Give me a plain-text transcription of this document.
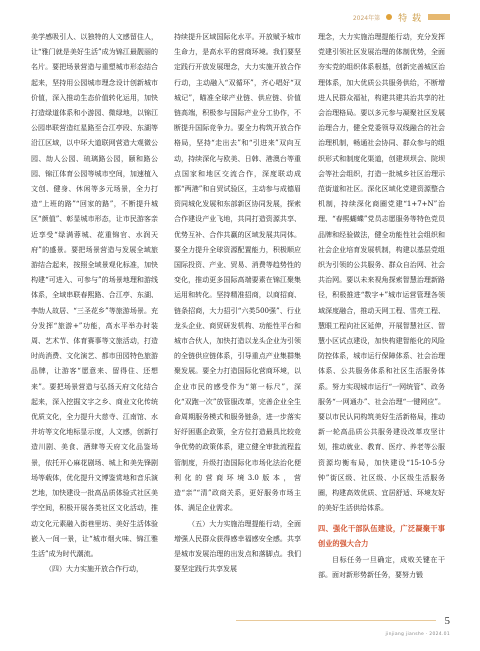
2024年第 特 载

美学感吸引人、以独特的人文感留住人，让“雅门就是美好生活”成为锦江最靓丽的名片。要把场景营造与重塑城市形态结合起来，坚持用公园城市理念设计创新城市价值，深入推动生态价值转化运用，加快打造绿道体系和小游园、微绿地，以锦江公园串联营造红星路至合江亭段、东湖等沿江区域，以中环大道联网营造大观微公园、劼人公园、琉璃路公园，颐和路公园、锦江体育公园等城市空间，加速植入文创、健身、休闲等多元场景，全力打造“上班的路”“回家的路”，不断提升城区“颜值”、彰显城市形态，让市民游客亲近享受“绿满蓉城、花重锦官、水润天府”的盛景。要把场景营造与发展全域旅游结合起来，按照全域景观化标准，加快构建“可进入、可参与”的场景地理和游线体系，全域串联春熙路、合江亭、东湖、李劼人故居、“三圣花乡”等旅游场景。充分发挥“旅游+”功能，高水平举办时装周、艺术节、体育赛事等文旅活动，打造时尚消费、文化演艺、都市田园特色旅游品牌，让游客“愿意来、留得住、还想来”。要把场景营造与弘扬天府文化结合起来，深入挖掘文字之乡、商业文化传统优质文化，全力提升大慈寺、江南馆、水井坊等文化地标显示度，人文感，创新打造川剧、美食、酒肆等天府文化品鉴场景，依托开心麻花剧场、城上和美先锋剧场等载体，优化提升文博鉴赏地和音乐演艺地，加快建设一批高品质体验式社区美学空间，积极开展各类社区文化活动，推动文化元素融入街巷里坊、美好生活体验嵌入一间一景，让“城市烟火味、锦江雅生活”成为时代潮流。

（四）大力实施开放合作行动，

持续提升区域国际化水平。开放赋予城市生命力，是高水平的营商环境。我们要坚定践行开放发展理念，大力实施开放合作行动，主动融入“双循环”，齐心唱好“双城记”，瞄准全球产业链、供应链、价值链高端，积极参与国际产业分工协作，不断提升国际竞争力。要全力构筑开放合作格局，坚持“走出去”和“引进来”双向互动，持续深化与欧美、日韩、港澳台等重点国家和地区交流合作，深度联动成都“两港”和自贸试验区，主动参与成德眉资同城化发展和东部新区协同发展，探索合作建设产业飞地，共同打造资源共享、优势互补、合作共赢的区域发展共同体。要全力提升全球资源配置能力，积极顺应国际投资、产业、贸易、消费等趋势性的变化，推动更多国际高端要素在锦江聚集运用和转化。坚持精准招商，以商招商、链条招商，大力招引“六类500强”、行业龙头企业、商贸研发机构、功能性平台和城市合伙人，加快打造以龙头企业为引领的全链供应链体系，引导重点产业集群集聚发展。要全力打造国际化营商环境，以企业市民的感受作为“第一标尺”，深化“双跑一次”放管服改革，完善企业全生命周期服务模式和服务链条，进一步落实好纾困惠企政策，全方位打造最具比较竞争优势的政策体系，建立健全审批流程监管制度，升级打造国际化市场化法治化便利化的营商环境3.0版本，营造“亲”“清”政商关系，更好服务市场主体、满足企业需求。

（五）大力实施治理提能行动，全面增强人民群众获得感幸福感安全感。共享是城市发展治理的出发点和落脚点。我们要坚定践行共享发展

理念，大力实施治理提能行动，充分发挥党建引领社区发展治理的体制优势，全面夯实党的组织体系根基，创新完善城区治理体系，加大优质公共服务供给，不断增进人民群众福祉，构建共建共治共享的社会治理格局。要以多元参与凝聚社区发展治理合力，健全党委领导双线融合的社会治理机制，畅通社会协同、群众参与的组织形式和制度化渠道，创建坝坝会、院坝会等社会组织，打造一批城乡社区治理示范街道和社区。深化区域化党建资源整合机制，持续深化商圈党建“1+7+N”治理、“春熙蝴蝶”党员志愿服务等特色党员品牌和经验做法，健全功能性社会组织和社会企业培育发展机制，构建以基层党组织为引领的公共服务、群众自治网、社会共治网。要以未来视角探索智慧治理新路径，积极推进“数字+”城市运营管理各领域深度融合，推动天网工程、雪亮工程、慧眼工程向社区延伸，开展智慧社区、智慧小区试点建设，加快构建智能化的风险防控体系，城市运行保障体系、社会治理体系、公共服务体系和社区生活服务体系。努力实现城市运行“一网统管”、政务服务“一网通办”、社会治理“一键网应”。要以市民认同构筑美好生活新格局，推动新一轮高品质公共服务建设改革攻坚计划，推动就业、教育、医疗、养老等公服资源均衡布局，加快建设“15-10-5分钟”街区级、社区级、小区级生活服务圈，构建高效优质、宜居舒适、环境友好的美好生活供给体系。

四、强化干部队伍建设，广泛凝聚干事创业的强大合力

目标任务一旦确定，成败关键在干部。面对新形势新任务，要努力锻

5
jinjiang jianshe · 2024.01
